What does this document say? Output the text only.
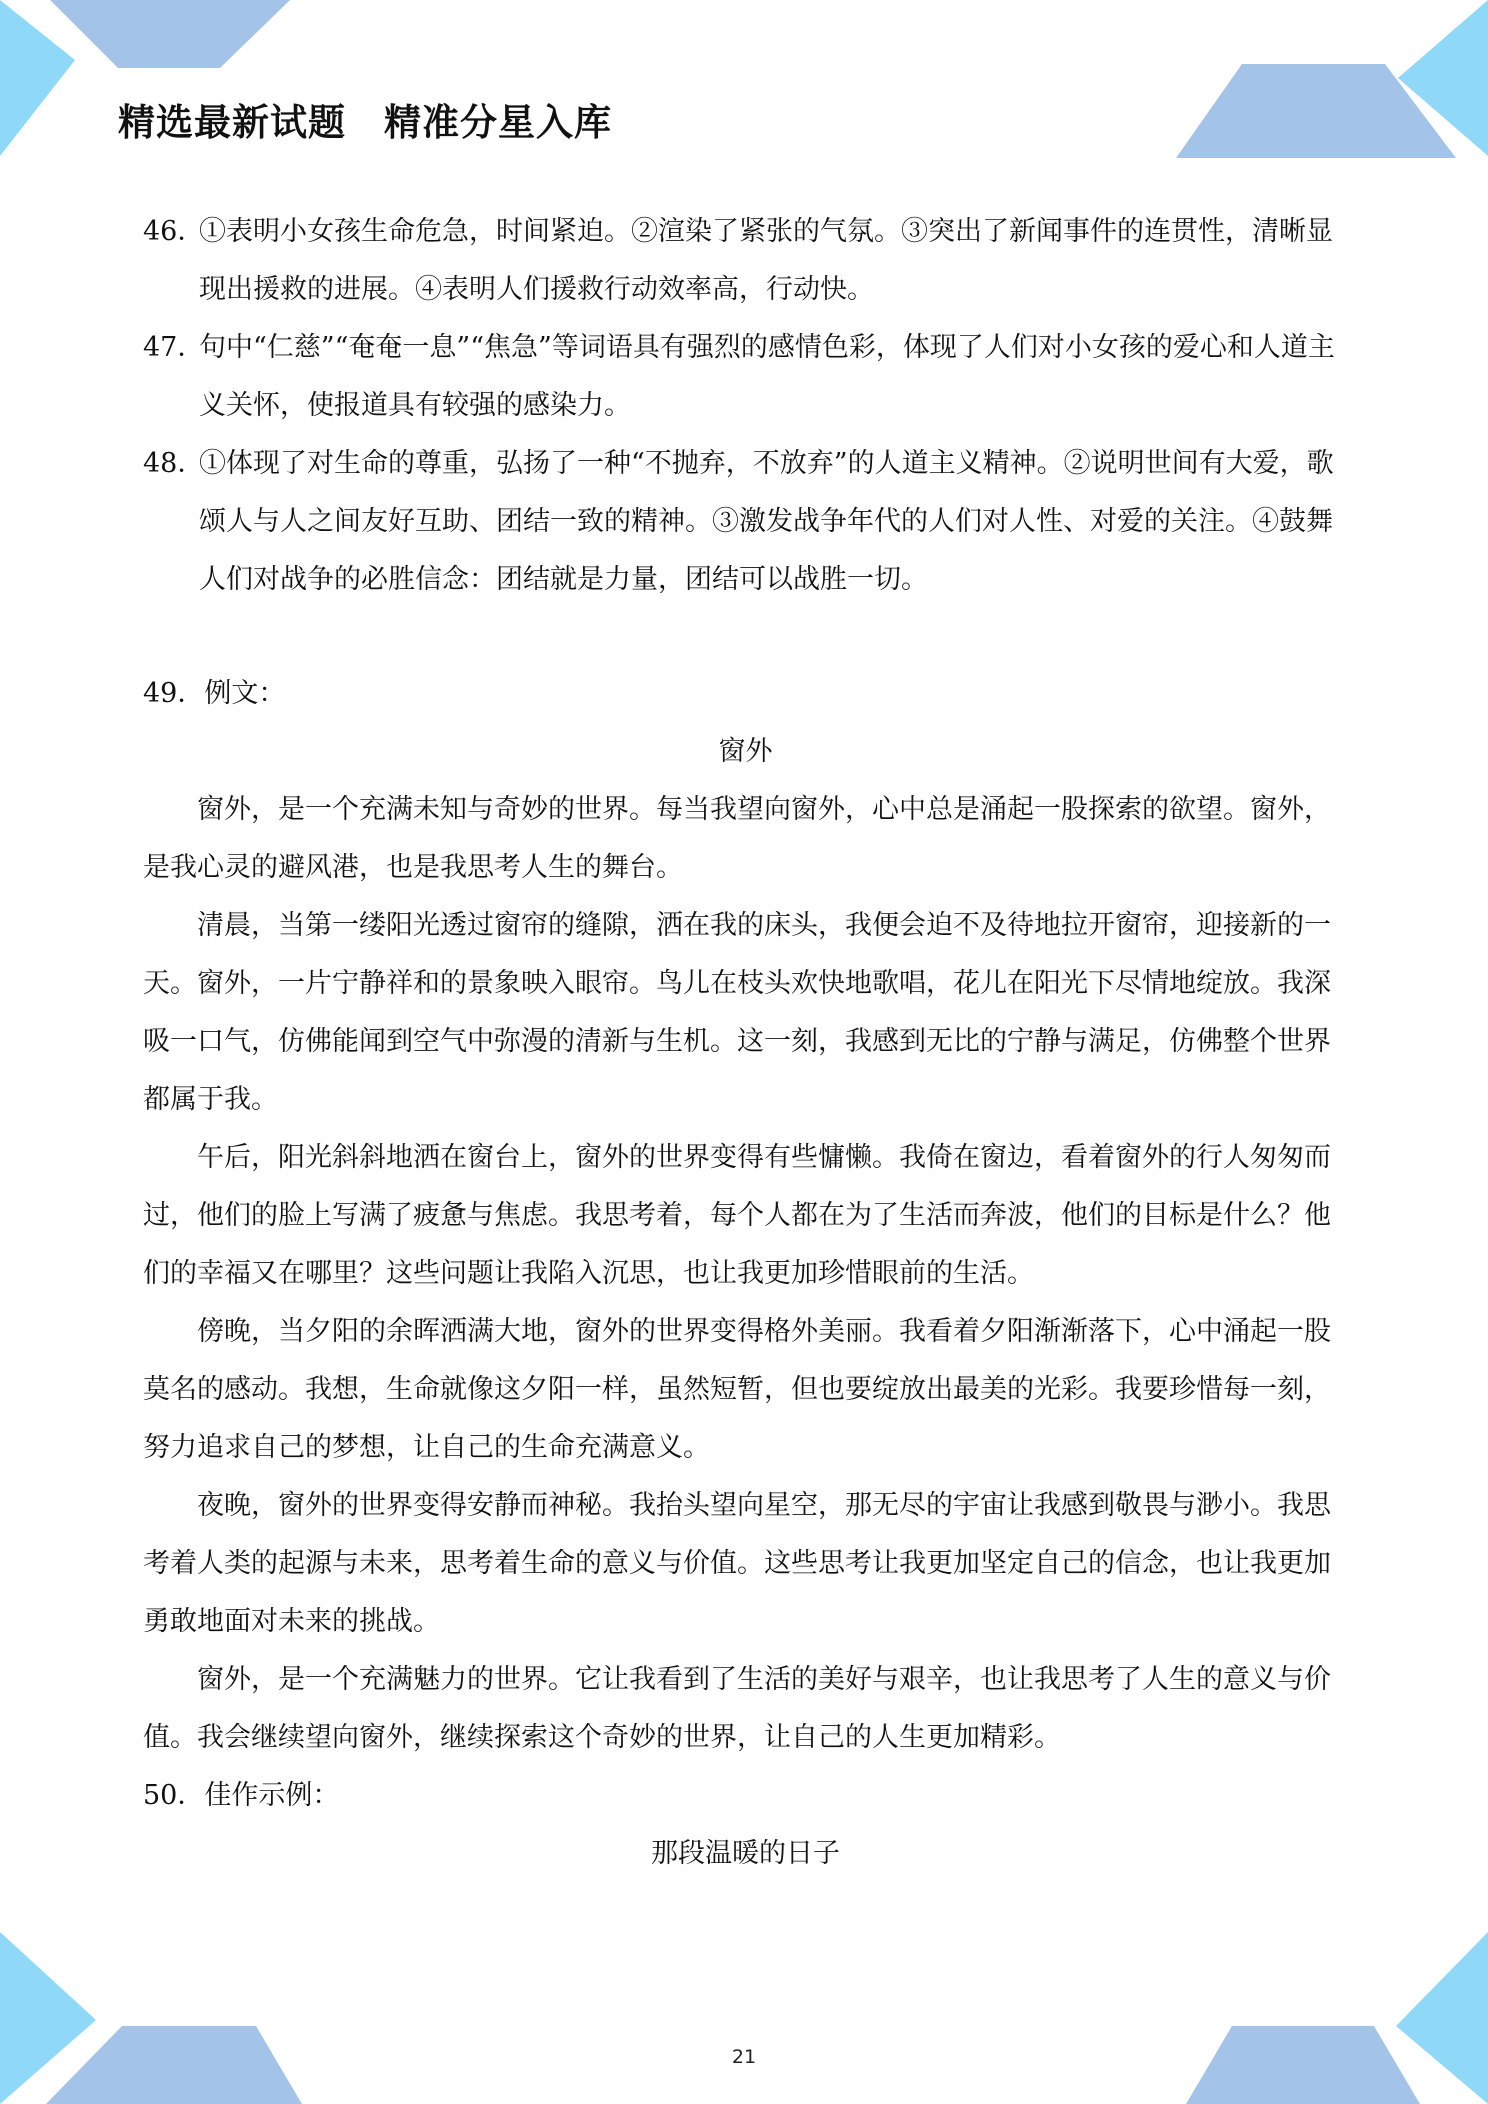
精选最新试题　精准分星入库
46．
①表明小女孩生命危急，时间紧迫。②渲染了紧张的气氛。③突出了新闻事件的连贯性，清晰显现出援救的进展。④表明人们援救行动效率高，行动快。
47．
句中“仁慈”“奄奄一息”“焦急”等词语具有强烈的感情色彩，体现了人们对小女孩的爱心和人道主义关怀，使报道具有较强的感染力。
48．
①体现了对生命的尊重，弘扬了一种“不抛弃，不放弃”的人道主义精神。②说明世间有大爱，歌颂人与人之间友好互助、团结一致的精神。③激发战争年代的人们对人性、对爱的关注。④鼓舞人们对战争的必胜信念：团结就是力量，团结可以战胜一切。
49．例文：
窗外
窗外，是一个充满未知与奇妙的世界。每当我望向窗外，心中总是涌起一股探索的欲望。窗外，是我心灵的避风港，也是我思考人生的舞台。
清晨，当第一缕阳光透过窗帘的缝隙，洒在我的床头，我便会迫不及待地拉开窗帘，迎接新的一天。窗外，一片宁静祥和的景象映入眼帘。鸟儿在枝头欢快地歌唱，花儿在阳光下尽情地绽放。我深吸一口气，仿佛能闻到空气中弥漫的清新与生机。这一刻，我感到无比的宁静与满足，仿佛整个世界都属于我。
午后，阳光斜斜地洒在窗台上，窗外的世界变得有些慵懒。我倚在窗边，看着窗外的行人匆匆而过，他们的脸上写满了疲惫与焦虑。我思考着，每个人都在为了生活而奔波，他们的目标是什么？他们的幸福又在哪里？这些问题让我陷入沉思，也让我更加珍惜眼前的生活。
傍晚，当夕阳的余晖洒满大地，窗外的世界变得格外美丽。我看着夕阳渐渐落下，心中涌起一股莫名的感动。我想，生命就像这夕阳一样，虽然短暂，但也要绽放出最美的光彩。我要珍惜每一刻，努力追求自己的梦想，让自己的生命充满意义。
夜晚，窗外的世界变得安静而神秘。我抬头望向星空，那无尽的宇宙让我感到敬畏与渺小。我思考着人类的起源与未来，思考着生命的意义与价值。这些思考让我更加坚定自己的信念，也让我更加勇敢地面对未来的挑战。
窗外，是一个充满魅力的世界。它让我看到了生活的美好与艰辛，也让我思考了人生的意义与价值。我会继续望向窗外，继续探索这个奇妙的世界，让自己的人生更加精彩。
50．佳作示例：
那段温暖的日子
21
